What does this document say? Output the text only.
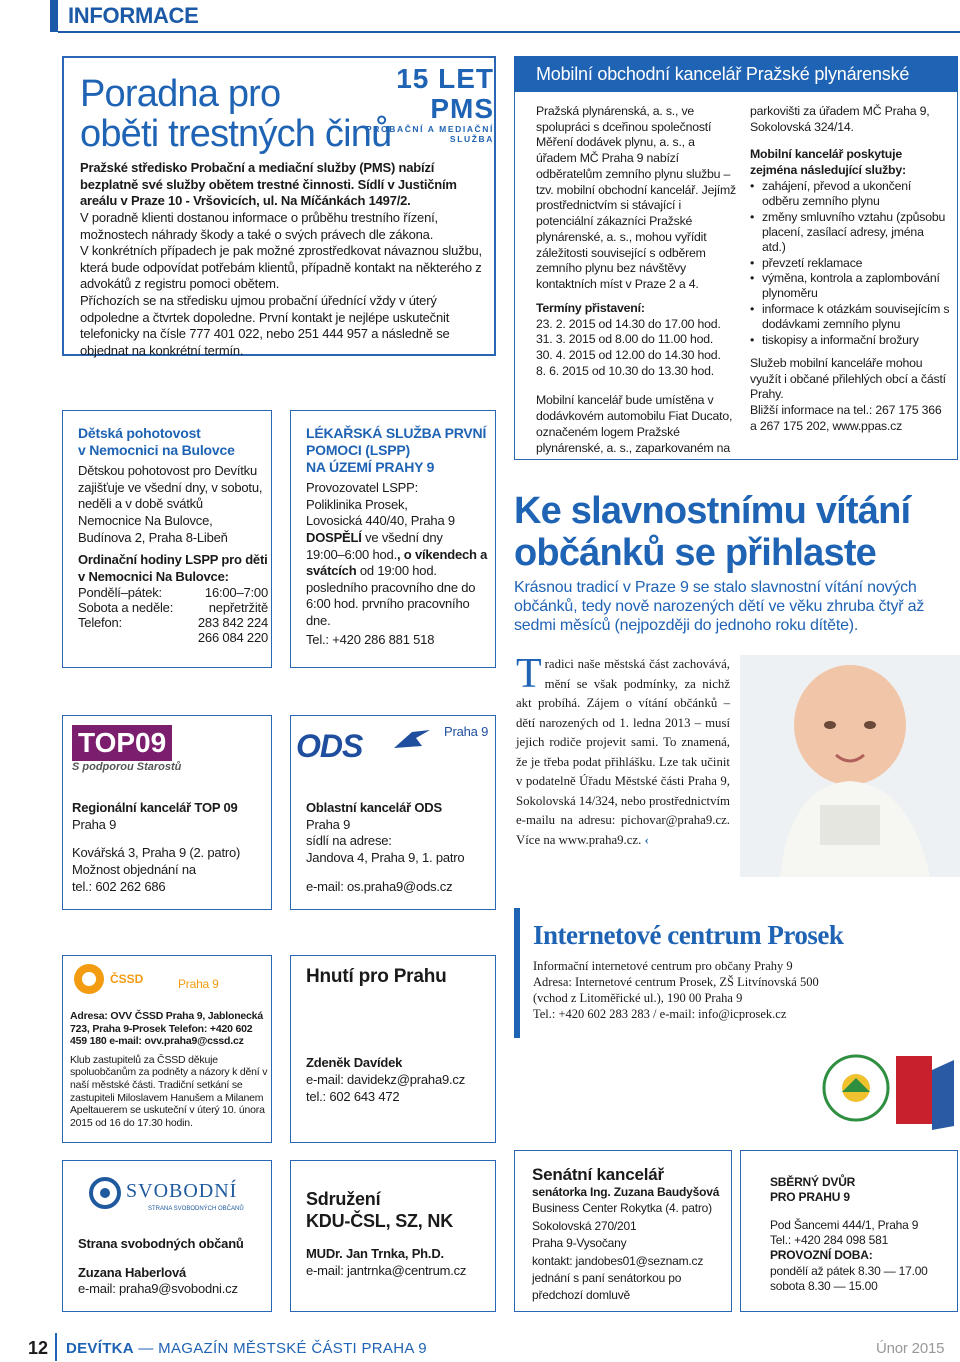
INFORMACE
Poradna pro
oběti trestných činů
15 LET PMS
PROBAČNÍ A MEDIAČNÍ SLUŽBA

Pražské středisko Probační a mediační služby (PMS) nabízí bezplatně své služby obětem trestné činnosti. Sídlí v Justičním areálu v Praze 10 - Vršovicích, ul. Na Míčánkách 1497/2.

V poradně klienti dostanou informace o průběhu trestního řízení, možnostech náhrady škody a také o svých právech dle zákona.

V konkrétních případech je pak možné zprostředkovat návaznou službu, která bude odpovídat potřebám klientů, případně kontakt na některého z advokátů z registru pomoci obětem.

Příchozích se na středisku ujmou probační úřednící vždy v úterý odpoledne a čtvrtek dopoledne. První kontakt je nejlépe uskutečnit telefonicky na čísle 777 401 022, nebo 251 444 957 a následně se objednat na konkrétní termín.

Dětská pohotovost
v Nemocnici na Bulovce

Dětskou pohotovost pro Devítku zajišťuje ve všední dny, v sobotu, neděli a v době svátků Nemocnice Na Bulovce, Budínova 2, Praha 8-Libeň

Ordinační hodiny LSPP pro děti v Nemocnici Na Bulovce:

Pondělí–pátek:	16:00–7:00
Sobota a neděle:	nepřetržitě
Telefon:	283 842 224
266 084 220
LÉKAŘSKÁ SLUŽBA PRVNÍ
POMOCI (LSPP)
NA ÚZEMÍ PRAHY 9

Provozovatel LSPP:

Poliklinika Prosek,

Lovosická 440/40, Praha 9

DOSPĚLÍ ve všední dny

19:00–6:00 hod., o víkendech a svátcích od 19:00 hod.

posledního pracovního dne do 6:00 hod. prvního pracovního dne.

Tel.: +420 286 881 518

TOP09
S podporou Starostů

Regionální kancelář TOP 09

Praha 9

Kovářská 3, Praha 9 (2. patro)

Možnost objednání na

tel.: 602 262 686

ODS	Praha 9

Oblastní kancelář ODS

Praha 9

sídlí na adrese:

Jandova 4, Praha 9, 1. patro

e-mail: os.praha9@ods.cz

ČSSD	Praha 9

Adresa: OVV ČSSD Praha 9, Jablonecká 723, Praha 9-Prosek Telefon: +420 602 459 180 e-mail: ovv.praha9@cssd.cz

Klub zastupitelů za ČSSD děkuje spoluobčanům za podněty a názory k dění v naší městské části. Tradiční setkání se zastupiteli Miloslavem Hanušem a Milanem Apeltauerem se uskuteční v úterý 10. února 2015 od 16 do 17.30 hodin.

Hnutí pro Prahu

Zdeněk Davídek

e-mail: davidekz@praha9.cz

tel.: 602 643 472

SVOBODNÍ
STRANA SVOBODNÝCH OBČANŮ

Strana svobodných občanů

Zuzana Haberlová

e-mail: praha9@svobodni.cz

Sdružení

KDU-ČSL, SZ, NK

MUDr. Jan Trnka, Ph.D.

e-mail: jantrnka@centrum.cz

Mobilní obchodní kancelář Pražské plynárenské

Pražská plynárenská, a. s., ve spolupráci s dceřinou společností Měření dodávek plynu, a. s., a úřadem MČ Praha 9 nabízí odběratelům zemního plynu službu – tzv. mobilní obchodní kancelář. Jejímž prostřednictvím si stávající i potenciální zákazníci Pražské plynárenské, a. s., mohou vyřídit záležitosti související s odběrem zemního plynu bez návštěvy kontaktních míst v Praze 2 a 4.

Termíny přistavení:

23. 2. 2015 od 14.30 do 17.00 hod.

31. 3. 2015 od 8.00 do 11.00 hod.

30. 4. 2015 od 12.00 do 14.30 hod.

8. 6. 2015 od 10.30 do 13.30 hod.

Mobilní kancelář bude umístěna v dodávkovém automobilu Fiat Ducato, označeném logem Pražské plynárenské, a. s., zaparkovaném na

parkovišti za úřadem MČ Praha 9, Sokolovská 324/14.

Mobilní kancelář poskytuje zejména následující služby:

• zahájení, převod a ukončení odběru zemního plynu
• změny smluvního vztahu (způsobu placení, zasílací adresy, jména atd.)
• převzetí reklamace
• výměna, kontrola a zaplombování plynoměru
• informace k otázkám souvisejícím s dodávkami zemního plynu
• tiskopisy a informační brožury

Služeb mobilní kanceláře mohou využít i občané přilehlých obcí a částí Prahy.

Bližší informace na tel.: 267 175 366 a 267 175 202, www.ppas.cz

Ke slavnostnímu vítání
občánků se přihlaste
Krásnou tradicí v Praze 9 se stalo slavnostní vítání nových občánků, tedy nově narozených dětí ve věku zhruba čtyř až sedmi měsíců (nejpozději do jednoho roku dítěte).
Tradici naše městská část zachovává, mění se však podmínky, za nichž akt probíhá. Zájem o vítání občánků – dětí narozených od 1. ledna 2013 – musí jejich rodiče projevit sami. To znamená, že je třeba podat přihlášku. Lze tak učinit v podatelně Úřadu Městské části Praha 9, Sokolovská 14/324, nebo prostřednictvím e-mailu na adresu: pichovar@praha9.cz. Více na www.praha9.cz. ‹
Internetové centrum Prosek

Informační internetové centrum pro občany Prahy 9

Adresa: Internetové centrum Prosek, ZŠ Litvínovská 500

(vchod z Litoměřické ul.), 190 00 Praha 9

Tel.: +420 602 283 283 / e-mail: info@icprosek.cz

Senátní kancelář

senátorka Ing. Zuzana Baudyšová

Business Center Rokytka (4. patro)

Sokolovská 270/201

Praha 9-Vysočany

kontakt: jandobes01@seznam.cz

jednání s paní senátorkou po

předchozí domluvě

SBĚRNÝ DVŮR

PRO PRAHU 9

Pod Šancemi 444/1, Praha 9

Tel.: +420 284 098 581

PROVOZNÍ DOBA:

pondělí až pátek 8.30 — 17.00

sobota 8.30 — 15.00

12 DEVÍTKA — MAGAZÍN MĚSTSKÉ ČÁSTI PRAHA 9	Únor 2015
